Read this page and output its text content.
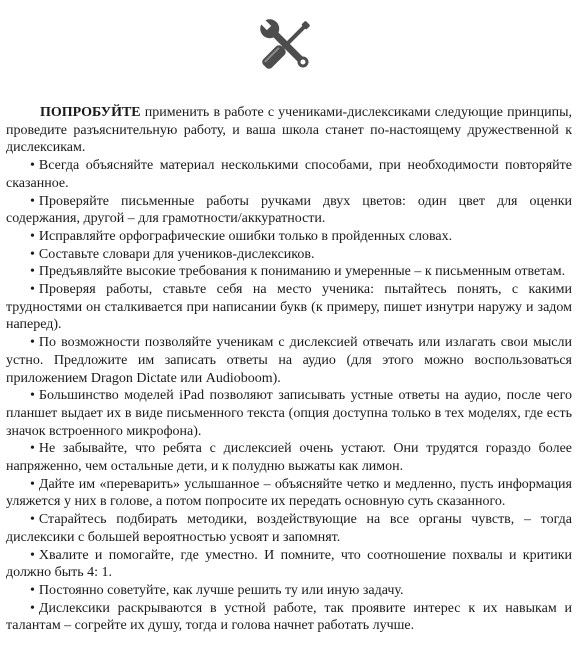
ПОПРОБУЙТЕ применить в работе с учениками-дислексиками следующие принципы, проведите разъяснительную работу, и ваша школа станет по-настоящему дружественной к дислексикам.

• Всегда объясняйте материал несколькими способами, при необходимости повторяйте сказанное.

• Проверяйте письменные работы ручками двух цветов: один цвет для оценки содержания, другой – для грамотности/аккуратности.

• Исправляйте орфографические ошибки только в пройденных словах.

• Составьте словари для учеников-дислексиков.

• Предъявляйте высокие требования к пониманию и умеренные – к письменным ответам.

• Проверяя работы, ставьте себя на место ученика: пытайтесь понять, с какими трудностями он сталкивается при написании букв (к примеру, пишет изнутри наружу и задом наперед).

• По возможности позволяйте ученикам с дислексией отвечать или излагать свои мысли устно. Предложите им записать ответы на аудио (для этого можно воспользоваться приложением Dragon Dictate или Audioboom).

• Большинство моделей iPad позволяют записывать устные ответы на аудио, после чего планшет выдает их в виде письменного текста (опция доступна только в тех моделях, где есть значок встроенного микрофона).

• Не забывайте, что ребята с дислексией очень устают. Они трудятся гораздо более напряженно, чем остальные дети, и к полудню выжаты как лимон.

• Дайте им «переварить» услышанное – объясняйте четко и медленно, пусть информация уляжется у них в голове, а потом попросите их передать основную суть сказанного.

• Старайтесь подбирать методики, воздействующие на все органы чувств, – тогда дислексики с большей вероятностью усвоят и запомнят.

• Хвалите и помогайте, где уместно. И помните, что соотношение похвалы и критики должно быть 4: 1.

• Постоянно советуйте, как лучше решить ту или иную задачу.

• Дислексики раскрываются в устной работе, так проявите интерес к их навыкам и талантам – согрейте их душу, тогда и голова начнет работать лучше.
